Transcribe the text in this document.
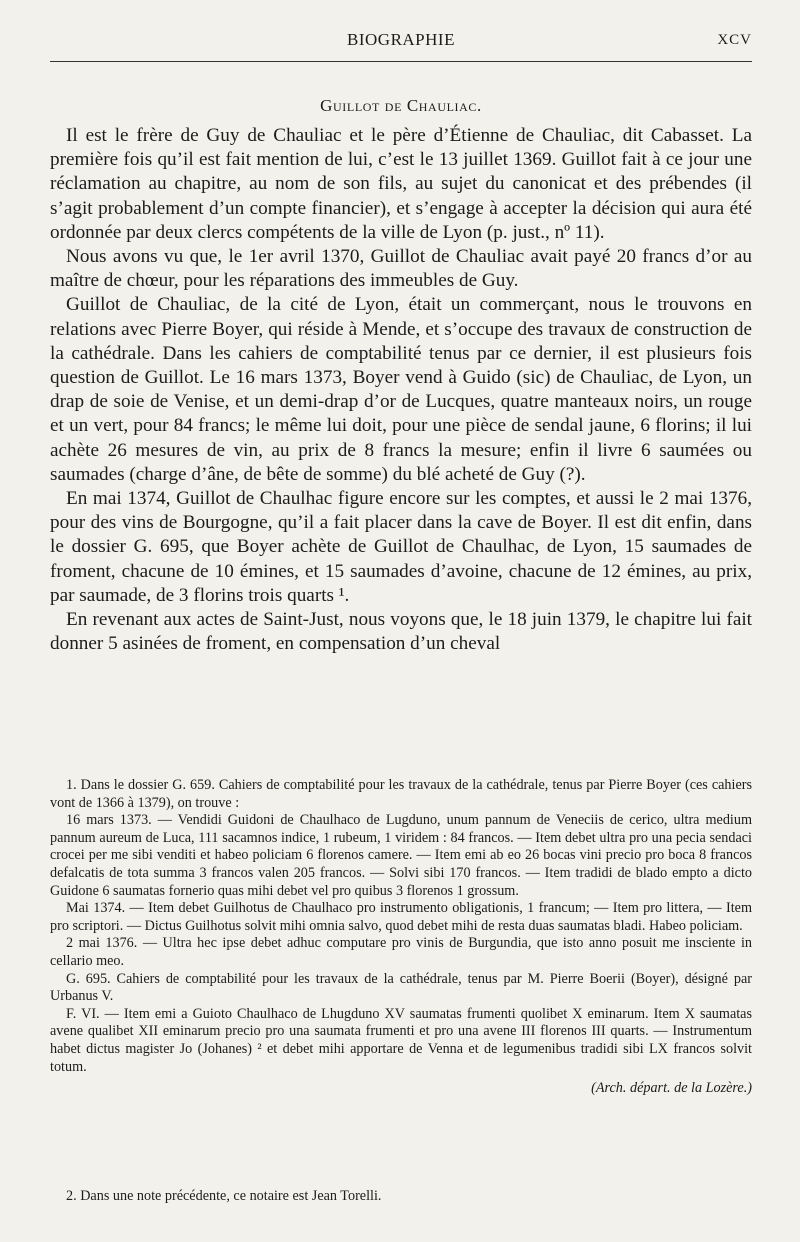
BIOGRAPHIE	XCV
Guillot de Chauliac.

Il est le frère de Guy de Chauliac et le père d’Étienne de Chauliac, dit Cabasset. La première fois qu’il est fait mention de lui, c’est le 13 juillet 1369. Guillot fait à ce jour une réclamation au chapitre, au nom de son fils, au sujet du canonicat et des prébendes (il s’agit probablement d’un compte financier), et s’engage à accepter la décision qui aura été ordonnée par deux clercs compétents de la ville de Lyon (p. just., nº 11).

Nous avons vu que, le 1er avril 1370, Guillot de Chauliac avait payé 20 francs d’or au maître de chœur, pour les réparations des immeubles de Guy.

Guillot de Chauliac, de la cité de Lyon, était un commerçant, nous le trouvons en relations avec Pierre Boyer, qui réside à Mende, et s’occupe des travaux de construction de la cathédrale. Dans les cahiers de comptabilité tenus par ce dernier, il est plusieurs fois question de Guillot. Le 16 mars 1373, Boyer vend à Guido (sic) de Chauliac, de Lyon, un drap de soie de Venise, et un demi-drap d’or de Lucques, quatre manteaux noirs, un rouge et un vert, pour 84 francs; le même lui doit, pour une pièce de sendal jaune, 6 florins; il lui achète 26 mesures de vin, au prix de 8 francs la mesure; enfin il livre 6 saumées ou saumades (charge d’âne, de bête de somme) du blé acheté de Guy (?).

En mai 1374, Guillot de Chaulhac figure encore sur les comptes, et aussi le 2 mai 1376, pour des vins de Bourgogne, qu’il a fait placer dans la cave de Boyer. Il est dit enfin, dans le dossier G. 695, que Boyer achète de Guillot de Chaulhac, de Lyon, 15 saumades de froment, chacune de 10 émines, et 15 saumades d’avoine, chacune de 12 émines, au prix, par saumade, de 3 florins trois quarts ¹.

En revenant aux actes de Saint-Just, nous voyons que, le 18 juin 1379, le chapitre lui fait donner 5 asinées de froment, en compensation d’un cheval

1. Dans le dossier G. 659. Cahiers de comptabilité pour les travaux de la cathédrale, tenus par Pierre Boyer (ces cahiers vont de 1366 à 1379), on trouve :

16 mars 1373. — Vendidi Guidoni de Chaulhaco de Lugduno, unum pannum de Veneciis de cerico, ultra medium pannum aureum de Luca, 111 sacamnos indice, 1 rubeum, 1 viridem : 84 francos. — Item debet ultra pro una pecia sendaci crocei per me sibi venditi et habeo policiam 6 florenos camere. — Item emi ab eo 26 bocas vini precio pro boca 8 francos defalcatis de tota summa 3 francos valen 205 francos. — Solvi sibi 170 francos. — Item tradidi de blado empto a dicto Guidone 6 saumatas fornerio quas mihi debet vel pro quibus 3 florenos 1 grossum.

Mai 1374. — Item debet Guilhotus de Chaulhaco pro instrumento obligationis, 1 francum; — Item pro littera, — Item pro scriptori. — Dictus Guilhotus solvit mihi omnia salvo, quod debet mihi de resta duas saumatas bladi. Habeo policiam.

2 mai 1376. — Ultra hec ipse debet adhuc computare pro vinis de Burgundia, que isto anno posuit me insciente in cellario meo.

G. 695. Cahiers de comptabilité pour les travaux de la cathédrale, tenus par M. Pierre Boerii (Boyer), désigné par Urbanus V.

F. VI. — Item emi a Guioto Chaulhaco de Lhugduno XV saumatas frumenti quolibet X eminarum. Item X saumatas avene qualibet XII eminarum precio pro una saumata frumenti et pro una avene III florenos III quarts. — Instrumentum habet dictus magister Jo (Johanes) ² et debet mihi apportare de Venna et de legumenibus tradidi sibi LX francos solvit totum.

(Arch. départ. de la Lozère.)

2. Dans une note précédente, ce notaire est Jean Torelli.
